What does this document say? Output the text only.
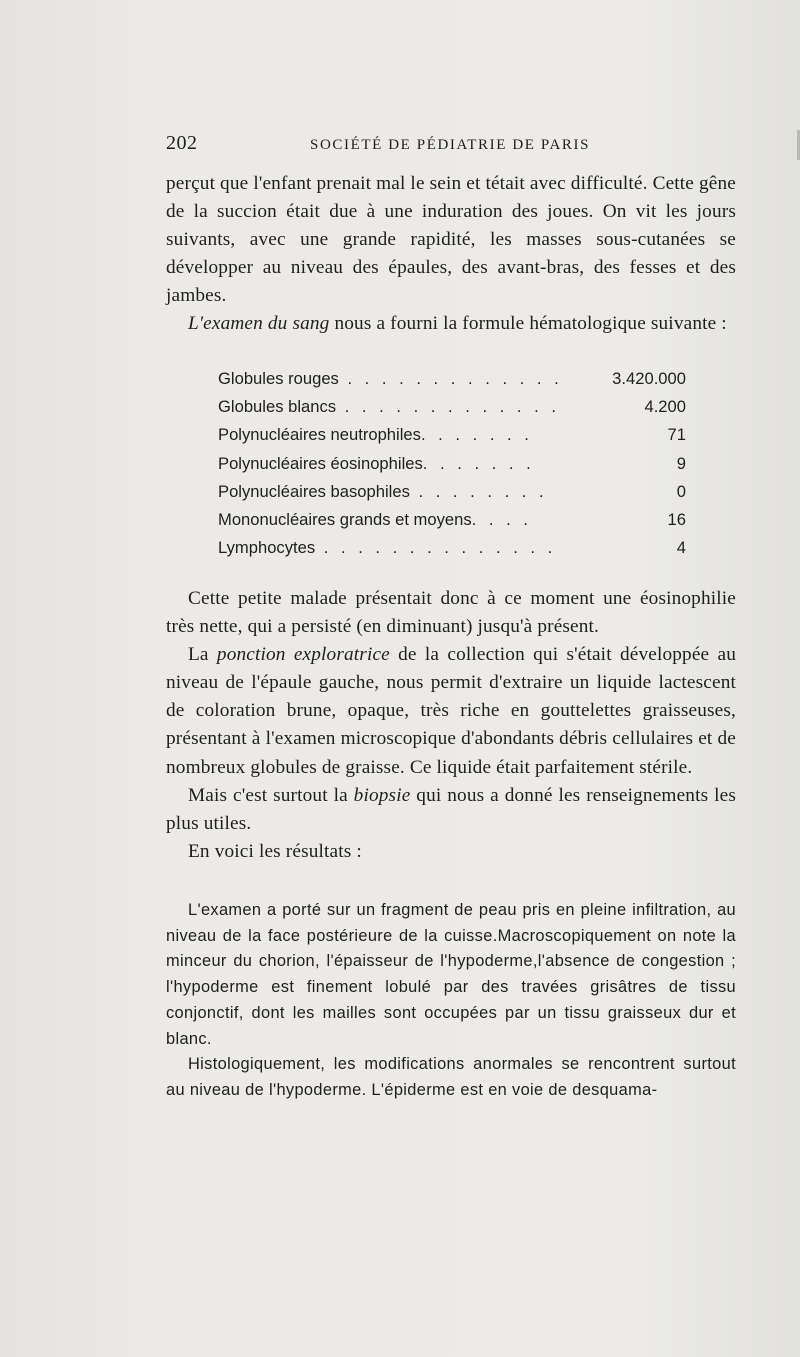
202	SOCIÉTÉ DE PÉDIATRIE DE PARIS

perçut que l'enfant prenait mal le sein et tétait avec difficulté. Cette gêne de la succion était due à une induration des joues. On vit les jours suivants, avec une grande rapidité, les masses sous-cutanées se développer au niveau des épaules, des avant-bras, des fesses et des jambes.

L'examen du sang nous a fourni la formule hématologique suivante :

Globules rouges . . . . . . . . . . . . .	3.420.000
Globules blancs . . . . . . . . . . . . .	4.200
Polynucléaires neutrophiles. . . . . . .	71
Polynucléaires éosinophiles. . . . . . .	9
Polynucléaires basophiles . . . . . . . .	0
Mononucléaires grands et moyens. . . .	16
Lymphocytes . . . . . . . . . . . . . .	4

Cette petite malade présentait donc à ce moment une éosinophilie très nette, qui a persisté (en diminuant) jusqu'à présent.

La ponction exploratrice de la collection qui s'était développée au niveau de l'épaule gauche, nous permit d'extraire un liquide lactescent de coloration brune, opaque, très riche en gouttelettes graisseuses, présentant à l'examen microscopique d'abondants débris cellulaires et de nombreux globules de graisse. Ce liquide était parfaitement stérile.

Mais c'est surtout la biopsie qui nous a donné les renseignements les plus utiles.

En voici les résultats :

L'examen a porté sur un fragment de peau pris en pleine infiltration, au niveau de la face postérieure de la cuisse.Macroscopiquement on note la minceur du chorion, l'épaisseur de l'hypoderme,l'absence de congestion ; l'hypoderme est finement lobulé par des travées grisâtres de tissu conjonctif, dont les mailles sont occupées par un tissu graisseux dur et blanc.

Histologiquement, les modifications anormales se rencontrent surtout au niveau de l'hypoderme. L'épiderme est en voie de desquama-
